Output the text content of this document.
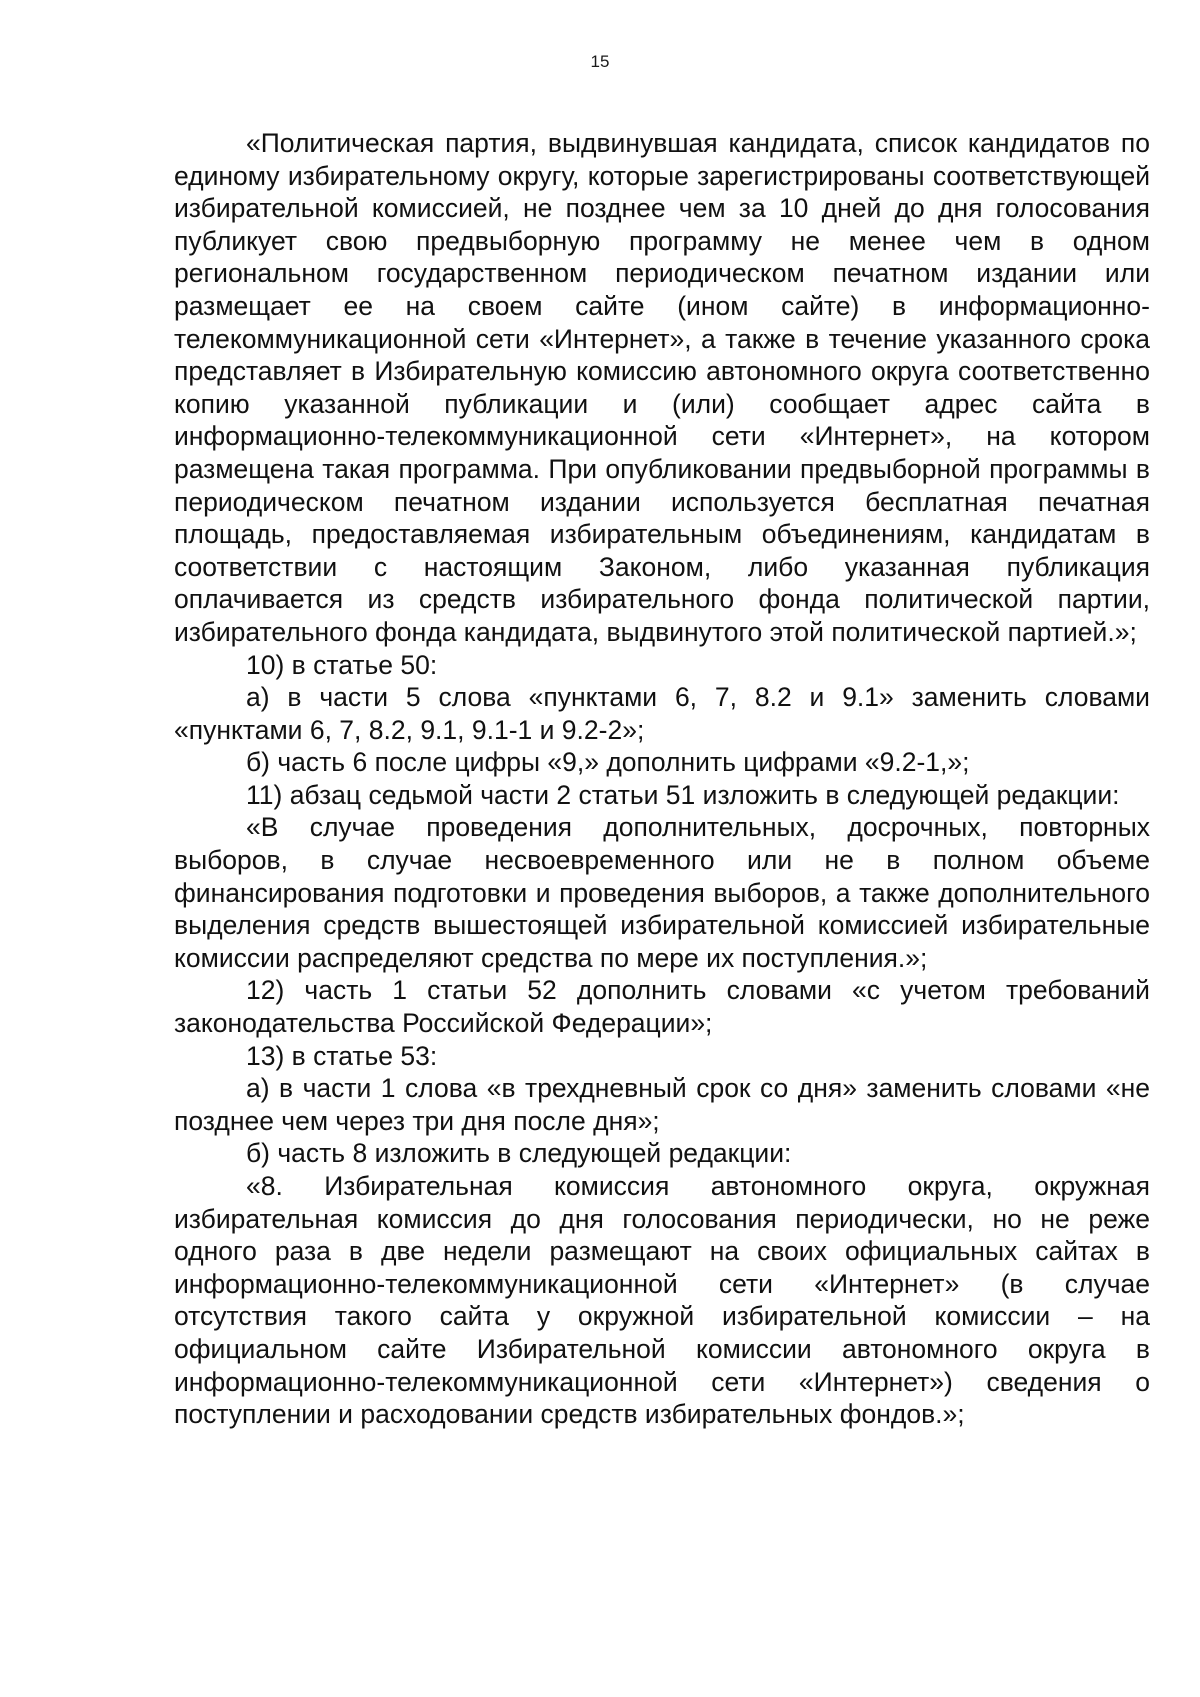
15

«Политическая партия, выдвинувшая кандидата, список кандидатов по единому избирательному округу, которые зарегистрированы соответствующей избирательной комиссией, не позднее чем за 10 дней до дня голосования публикует свою предвыборную программу не менее чем в одном региональном государственном периодическом печатном издании или размещает ее на своем сайте (ином сайте) в информационно-телекоммуникационной сети «Интернет», а также в течение указанного срока представляет в Избирательную комиссию автономного округа соответственно копию указанной публикации и (или) сообщает адрес сайта в информационно-телекоммуникационной сети «Интернет», на котором размещена такая программа. При опубликовании предвыборной программы в периодическом печатном издании используется бесплатная печатная площадь, предоставляемая избирательным объединениям, кандидатам в соответствии с настоящим Законом, либо указанная публикация оплачивается из средств избирательного фонда политической партии, избирательного фонда кандидата, выдвинутого этой политической партией.»;

10) в статье 50:

а) в части 5 слова «пунктами 6, 7, 8.2 и 9.1» заменить словами «пунктами 6, 7, 8.2, 9.1, 9.1-1 и 9.2-2»;

б) часть 6 после цифры «9,» дополнить цифрами «9.2-1,»;

11) абзац седьмой части 2 статьи 51 изложить в следующей редакции:

«В случае проведения дополнительных, досрочных, повторных выборов, в случае несвоевременного или не в полном объеме финансирования подготовки и проведения выборов, а также дополнительного выделения средств вышестоящей избирательной комиссией избирательные комиссии распределяют средства по мере их поступления.»;

12) часть 1 статьи 52 дополнить словами «с учетом требований законодательства Российской Федерации»;

13) в статье 53:

а) в части 1 слова «в трехдневный срок со дня» заменить словами «не позднее чем через три дня после дня»;

б) часть 8 изложить в следующей редакции:

«8. Избирательная комиссия автономного округа, окружная избирательная комиссия до дня голосования периодически, но не реже одного раза в две недели размещают на своих официальных сайтах в информационно-телекоммуникационной сети «Интернет» (в случае отсутствия такого сайта у окружной избирательной комиссии – на официальном сайте Избирательной комиссии автономного округа в информационно-телекоммуникационной сети «Интернет») сведения о поступлении и расходовании средств избирательных фондов.»;
